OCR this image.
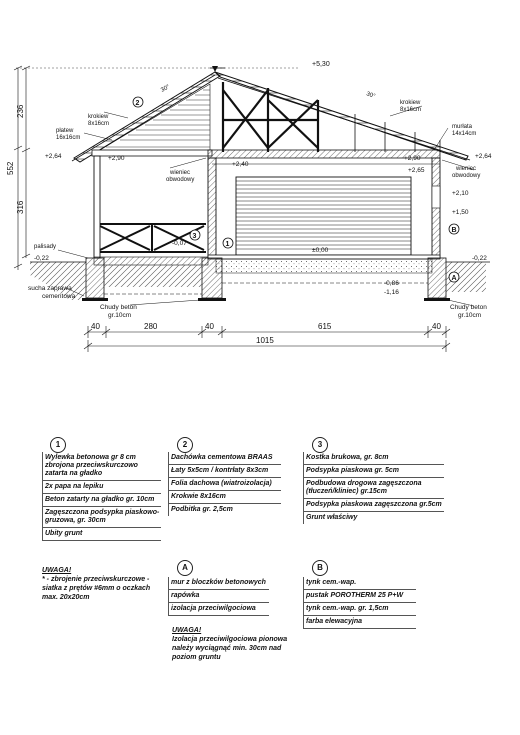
552
236
316
+5,30
30°
30°
+2,90	+2,90
+2,40
+2,65
+2,64	+2,64
+2,10
+1,50
±0,00
-0,07
-0,22	-0,22
-0,86
-1,16
płatew
16x16cm
krokiew
8x16cm
krokiew
8x16cm
murłata
14x14cm
wieniec
obwodowy
wieniec
obwodowy
palisady
sucha zaprawa
cementowa
Chudy beton
gr.10cm
Chudy beton
gr.10cm
2
1
3
A
B
40	280	40	615	40
1015
1
Wylewka betonowa gr 8 cm zbrojona przeciwskurczowo zatarta na gładko
2x papa na lepiku
Beton zatarty na gładko gr. 10cm
Zagęszczona podsypka piaskowo-gruzowa, gr. 30cm
Ubity grunt
2
Dachówka cementowa BRAAS
Łaty 5x5cm / kontrłaty 8x3cm
Folia dachowa (wiatroizolacja)
Krokwie 8x16cm
Podbitka gr. 2,5cm
3
Kostka brukowa, gr. 8cm
Podsypka piaskowa gr. 5cm
Podbudowa drogowa zagęszczona (tłuczeń/kliniec) gr.15cm
Podsypka piaskowa zagęszczona gr.5cm
Grunt właściwy
UWAGA!
* - zbrojenie przeciwskurczowe - siatka z prętów #6mm o oczkach max. 20x20cm
A
mur z bloczków betonowych
rapówka
izolacja przeciwilgociowa
UWAGA!
Izolacja przeciwilgociowa pionowa należy wyciągnąć min. 30cm nad poziom gruntu
B
tynk cem.-wap.
pustak POROTHERM 25 P+W
tynk cem.-wap. gr. 1,5cm
farba elewacyjna
